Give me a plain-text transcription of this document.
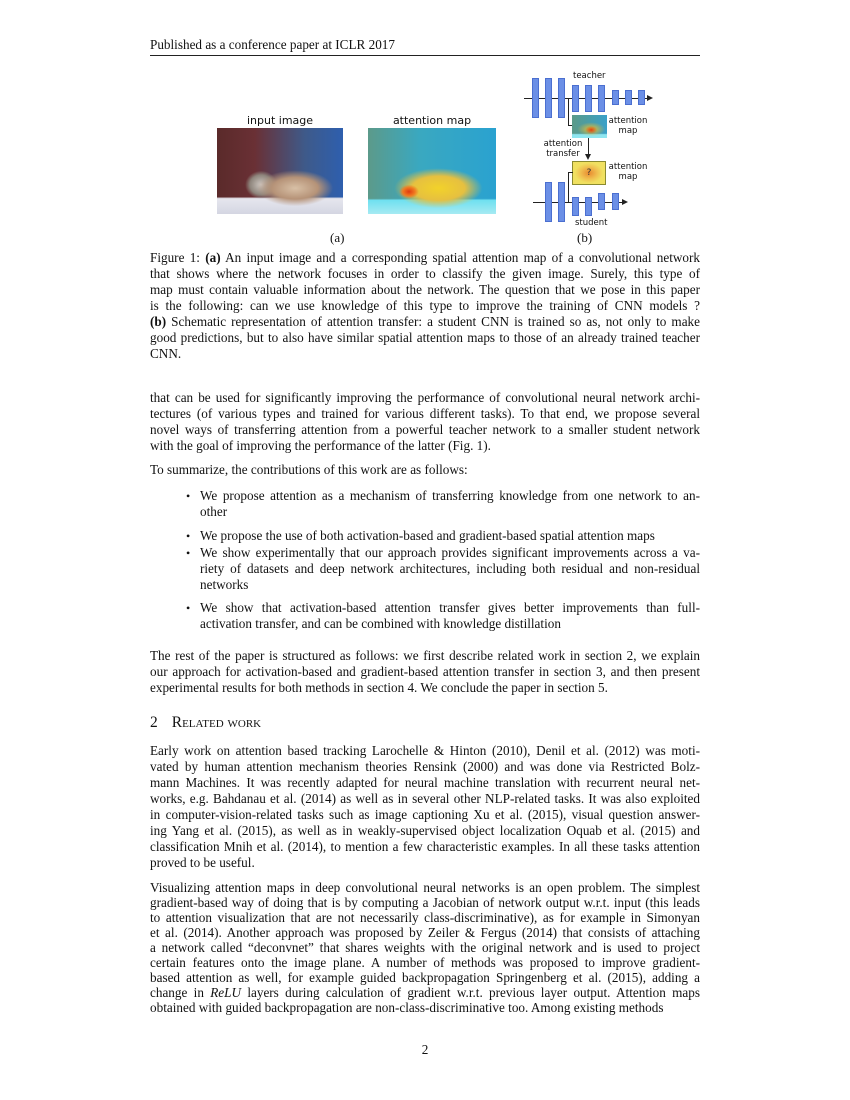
Published as a conference paper at ICLR 2017
input image	attention map
(a)
teacher
attention map
attention transfer
?
attention map
student
(b)
Figure 1: (a) An input image and a corresponding spatial attention map of a convolutional network
that shows where the network focuses in order to classify the given image. Surely, this type of
map must contain valuable information about the network. The question that we pose in this paper
is the following: can we use knowledge of this type to improve the training of CNN models ?
(b) Schematic representation of attention transfer: a student CNN is trained so as, not only to make
good predictions, but to also have similar spatial attention maps to those of an already trained teacher
CNN.
that can be used for significantly improving the performance of convolutional neural network archi-
tectures (of various types and trained for various different tasks). To that end, we propose several
novel ways of transferring attention from a powerful teacher network to a smaller student network
with the goal of improving the performance of the latter (Fig. 1).
To summarize, the contributions of this work are as follows:
• We propose attention as a mechanism of transferring knowledge from one network to an-
other
• We propose the use of both activation-based and gradient-based spatial attention maps
• We show experimentally that our approach provides significant improvements across a va-
riety of datasets and deep network architectures, including both residual and non-residual
networks
• We show that activation-based attention transfer gives better improvements than full-
activation transfer, and can be combined with knowledge distillation
The rest of the paper is structured as follows: we first describe related work in section 2, we explain
our approach for activation-based and gradient-based attention transfer in section 3, and then present
experimental results for both methods in section 4. We conclude the paper in section 5.
2 Related work
Early work on attention based tracking Larochelle & Hinton (2010), Denil et al. (2012) was moti-
vated by human attention mechanism theories Rensink (2000) and was done via Restricted Bolz-
mann Machines. It was recently adapted for neural machine translation with recurrent neural net-
works, e.g. Bahdanau et al. (2014) as well as in several other NLP-related tasks. It was also exploited
in computer-vision-related tasks such as image captioning Xu et al. (2015), visual question answer-
ing Yang et al. (2015), as well as in weakly-supervised object localization Oquab et al. (2015) and
classification Mnih et al. (2014), to mention a few characteristic examples. In all these tasks attention
proved to be useful.
Visualizing attention maps in deep convolutional neural networks is an open problem. The simplest
gradient-based way of doing that is by computing a Jacobian of network output w.r.t. input (this leads
to attention visualization that are not necessarily class-discriminative), as for example in Simonyan
et al. (2014). Another approach was proposed by Zeiler & Fergus (2014) that consists of attaching
a network called “deconvnet” that shares weights with the original network and is used to project
certain features onto the image plane. A number of methods was proposed to improve gradient-
based attention as well, for example guided backpropagation Springenberg et al. (2015), adding a
change in ReLU layers during calculation of gradient w.r.t. previous layer output. Attention maps
obtained with guided backpropagation are non-class-discriminative too. Among existing methods
2
